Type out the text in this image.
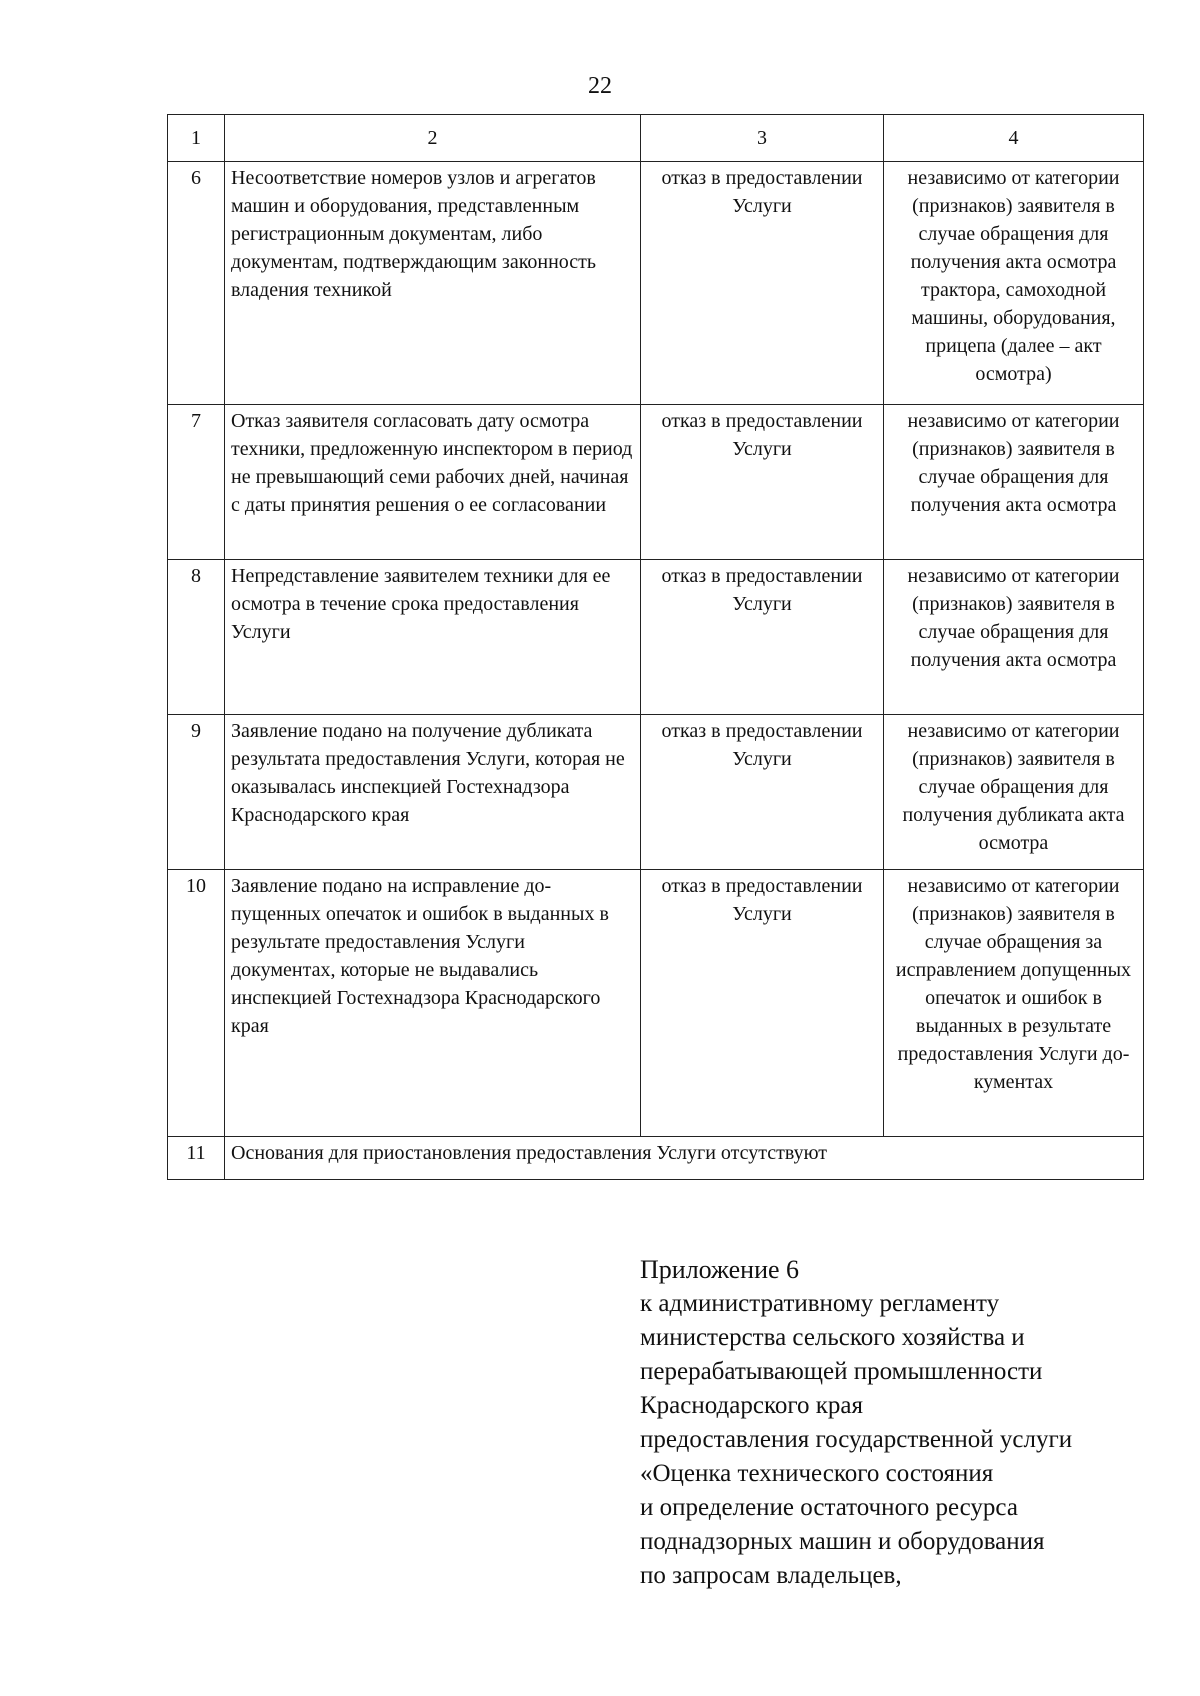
22
1	2	3	4
6	Несоответствие номеров узлов и агрегатов машин и оборудования, представленным регистрационным документам, либо документам, подтверждающим законность владения техникой	отказ в предоставлении Услуги	независимо от категории (признаков) заявителя в случае обращения для получения акта осмотра трактора, самоходной машины, оборудования, прицепа (далее – акт осмотра)
7	Отказ заявителя согласовать дату осмотра техники, предложенную инспектором в период не превышающий семи рабочих дней, начиная с даты принятия решения о ее согласовании	отказ в предоставлении Услуги	независимо от категории (признаков) заявителя в случае обращения для получения акта осмотра
8	Непредставление заявителем техники для ее осмотра в течение срока предоставления Услуги	отказ в предоставлении Услуги	независимо от категории (признаков) заявителя в случае обращения для получения акта осмотра
9	Заявление подано на получение дубликата результата предоставления Услуги, которая не оказывалась инспекцией Гостехнадзора Краснодарского края	отказ в предоставлении Услуги	независимо от категории (признаков) заявителя в случае обращения для получения дубликата акта осмотра
10	Заявление подано на исправление допущенных опечаток и ошибок в выданных в результате предоставления Услуги документах, которые не выдавались инспекцией Гостехнадзора Краснодарского края	отказ в предоставлении Услуги	независимо от категории (признаков) заявителя в случае обращения за исправлением допущенных опечаток и ошибок в выданных в результате предоставления Услуги документах
11	Основания для приостановления предоставления Услуги отсутствуют		
Приложение 6
к административному регламенту
министерства сельского хозяйства и
перерабатывающей промышленности
Краснодарского края
предоставления государственной услуги
«Оценка технического состояния
и определение остаточного ресурса
поднадзорных машин и оборудования
по запросам владельцев,
